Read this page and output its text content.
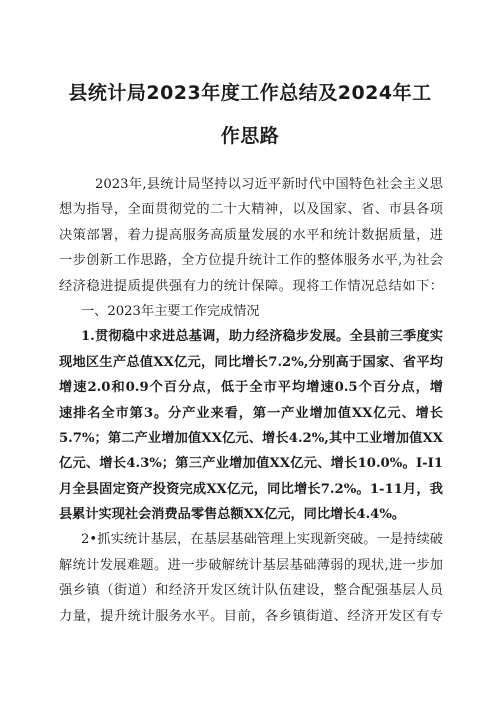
县统计局2023年度工作总结及2024年工
作思路
2023年,县统计局坚持以习近平新时代中国特色社会主义思
想为指导，全面贯彻党的二十大精神，以及国家、省、市县各项
决策部署，着力提高服务高质量发展的水平和统计数据质量，进
一步创新工作思路，全方位提升统计工作的整体服务水平,为社会
经济稳进提质提供强有力的统计保障。现将工作情况总结如下：
一、2023年主要工作完成情况
1.贯彻稳中求进总基调，助力经济稳步发展。全县前三季度实
现地区生产总值XX亿元，同比增长7.2%,分别高于国家、省平均
增速2.0和0.9个百分点，低于全市平均增速0.5个百分点，增
速排名全市第3。分产业来看，第一产业增加值XX亿元、增长
5.7%；第二产业增加值XX亿元、增长4.2%,其中工业增加值XX
亿元、增长4.3%；第三产业增加值XX亿元、增长10.0%。I-I1
月全县固定资产投资完成XX亿元，同比增长7.2%。1-11月，我
县累计实现社会消费品零售总额XX亿元，同比增长4.4%。
2•抓实统计基层，在基层基础管理上实现新突破。一是持续破
解统计发展难题。进一步破解统计基层基础薄弱的现状,进一步加
强乡镇（街道）和经济开发区统计队伍建设，整合配强基层人员
力量，提升统计服务水平。目前，各乡镇街道、经济开发区有专
